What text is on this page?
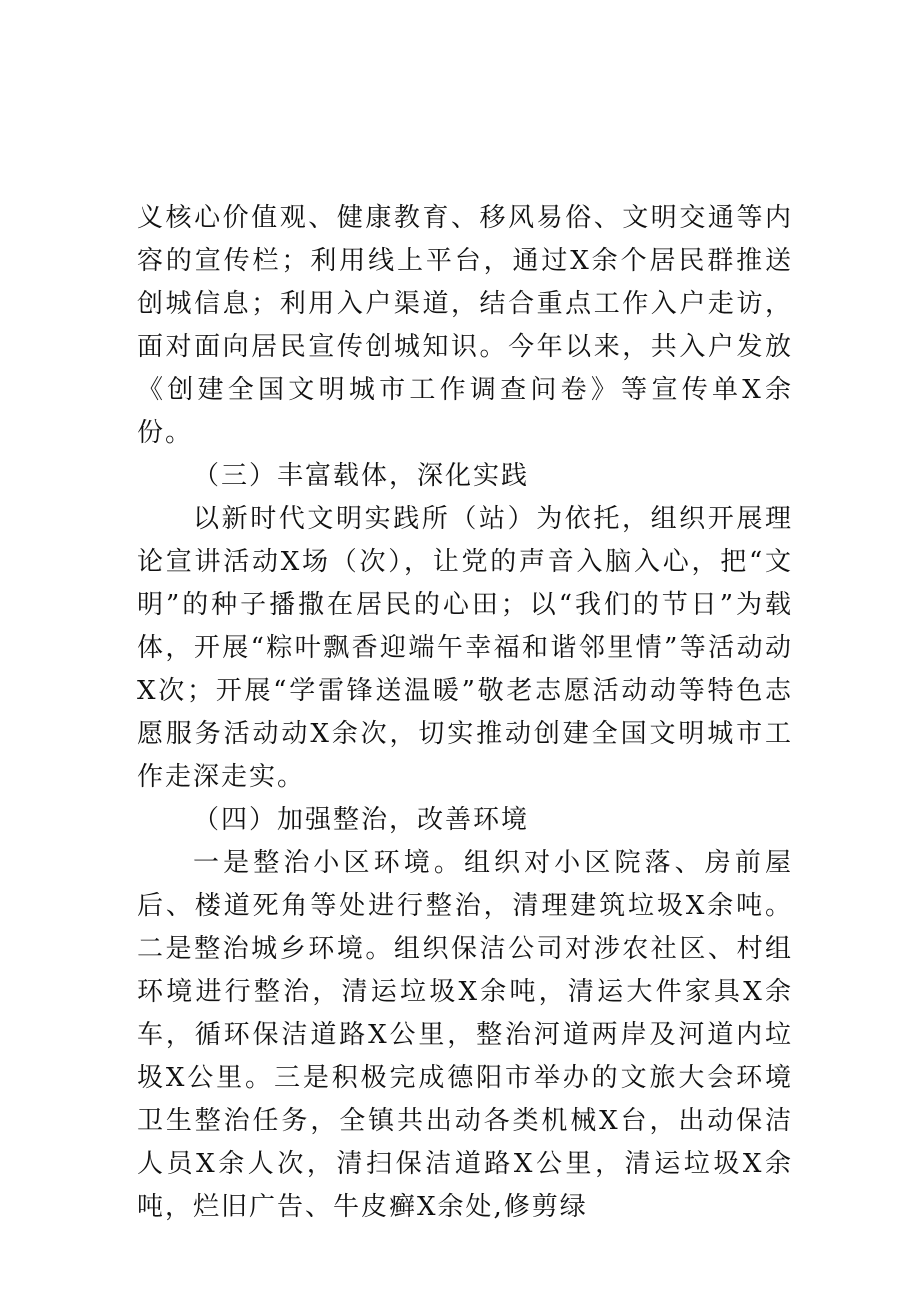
义核心价值观、健康教育、移风易俗、文明交通等内容的宣传栏；利用线上平台，通过X余个居民群推送创城信息；利用入户渠道，结合重点工作入户走访，面对面向居民宣传创城知识。今年以来，共入户发放《创建全国文明城市工作调查问卷》等宣传单X余份。

（三）丰富载体，深化实践

以新时代文明实践所（站）为依托，组织开展理论宣讲活动X场（次），让党的声音入脑入心，把“文明”的种子播撒在居民的心田；以“我们的节日”为载体，开展“粽叶飘香迎端午幸福和谐邻里情”等活动动X次；开展“学雷锋送温暖”敬老志愿活动动等特色志愿服务活动动X余次，切实推动创建全国文明城市工作走深走实。

（四）加强整治，改善环境

一是整治小区环境。组织对小区院落、房前屋后、楼道死角等处进行整治，清理建筑垃圾X余吨。二是整治城乡环境。组织保洁公司对涉农社区、村组环境进行整治，清运垃圾X余吨，清运大件家具X余车，循环保洁道路X公里，整治河道两岸及河道内垃圾X公里。三是积极完成德阳市举办的文旅大会环境卫生整治任务，全镇共出动各类机械X台，出动保洁人员X余人次，清扫保洁道路X公里，清运垃圾X余吨，烂旧广告、牛皮癣X余处,修剪绿
